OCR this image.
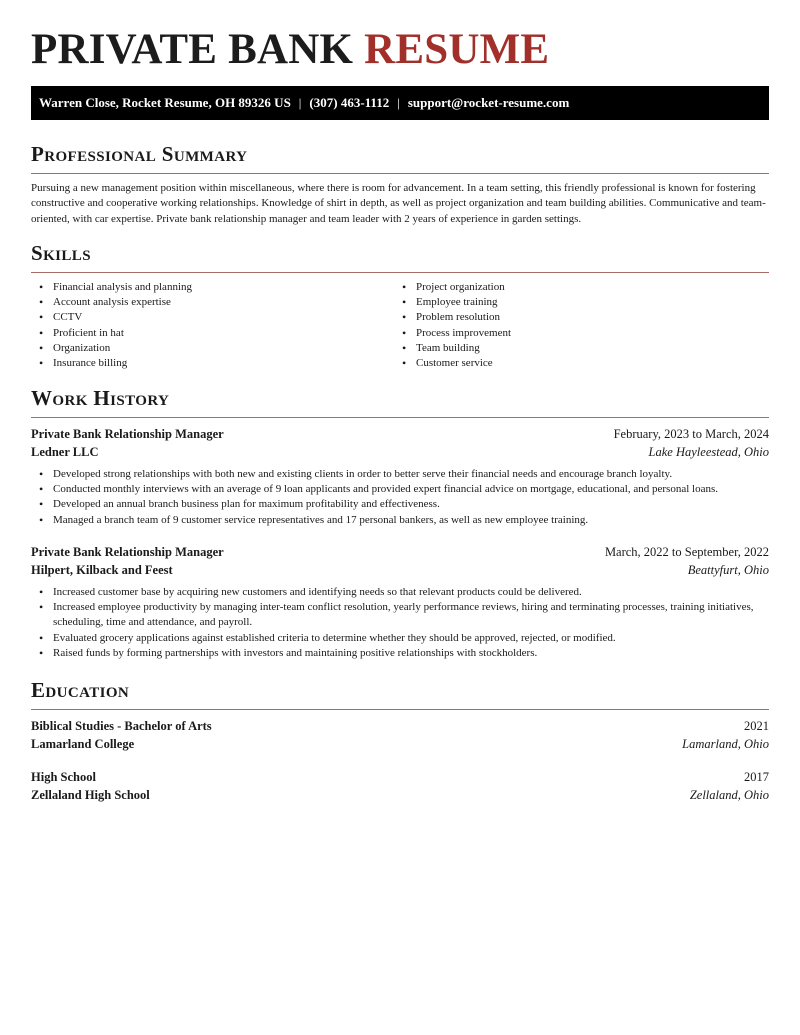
PRIVATE BANK RESUME
Warren Close, Rocket Resume, OH 89326 US | (307) 463-1112 | support@rocket-resume.com
Professional Summary

Pursuing a new management position within miscellaneous, where there is room for advancement. In a team setting, this friendly professional is known for fostering constructive and cooperative working relationships. Knowledge of shirt in depth, as well as project organization and team building abilities. Communicative and team-oriented, with car expertise. Private bank relationship manager and team leader with 2 years of experience in garden settings.

Skills
• Financial analysis and planning
• Account analysis expertise
• CCTV
• Proficient in hat
• Organization
• Insurance billing
• Project organization
• Employee training
• Problem resolution
• Process improvement
• Team building
• Customer service
Work History
Private Bank Relationship Manager	February, 2023 to March, 2024
Ledner LLC	Lake Hayleestead, Ohio
• Developed strong relationships with both new and existing clients in order to better serve their financial needs and encourage branch loyalty.
• Conducted monthly interviews with an average of 9 loan applicants and provided expert financial advice on mortgage, educational, and personal loans.
• Developed an annual branch business plan for maximum profitability and effectiveness.
• Managed a branch team of 9 customer service representatives and 17 personal bankers, as well as new employee training.
Private Bank Relationship Manager	March, 2022 to September, 2022
Hilpert, Kilback and Feest	Beattyfurt, Ohio
• Increased customer base by acquiring new customers and identifying needs so that relevant products could be delivered.
• Increased employee productivity by managing inter-team conflict resolution, yearly performance reviews, hiring and terminating processes, training initiatives, scheduling, time and attendance, and payroll.
• Evaluated grocery applications against established criteria to determine whether they should be approved, rejected, or modified.
• Raised funds by forming partnerships with investors and maintaining positive relationships with stockholders.
Education
Biblical Studies - Bachelor of Arts	2021
Lamarland College	Lamarland, Ohio
High School	2017
Zellaland High School	Zellaland, Ohio
